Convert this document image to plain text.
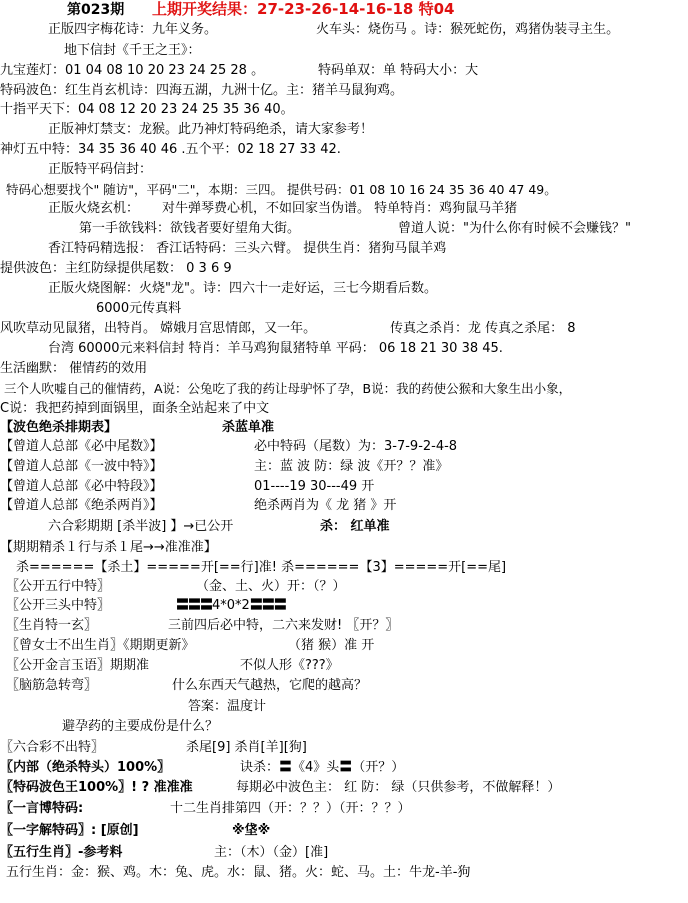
第023期 上期开奖结果：27-23-26-14-16-18 特04
正版四字梅花诗：九年义务。	火车头：烧伤马 。诗：猴死蛇伤，鸡猪伪装寻主生。
地下信封《千王之王》：
九宝莲灯：01 04 08 10 20 23 24 25 28 。	特码单双：单 特码大小：大
特码波色：红生肖玄机诗：四海五湖，九洲十亿。主：猪羊马鼠狗鸡。
十指平天下：04 08 12 20 23 24 25 35 36 40。
正版神灯禁支：龙猴。此乃神灯特码绝杀，请大家参考！
神灯五中特：34 35 36 40 46 .五个平：02 18 27 33 42.
正版特平码信封：
特码心想要找个" 随访"，平码"二"，本期：三四。 提供号码：01 08 10 16 24 35 36 40 47 49。
正版火烧玄机： 对牛弹琴费心机，不如回家当伪谱。 特单特肖：鸡狗鼠马羊猪
第一手欲钱料：欲钱者要好望角大街。	曾道人说："为什么你有时候不会赚钱？"
香江特码精选报： 香江话特码：三头六臂。 提供生肖：猪狗马鼠羊鸡
提供波色：主红防绿提供尾数： 0 3 6 9
正版火烧图解：火烧"龙"。诗：四六十一走好运，三七今期看后数。
6000元传真料
风吹草动见鼠猪，出特肖。 嫦娥月宫思情郎，又一年。	传真之杀肖：龙 传真之杀尾： 8
台湾 60000元来料信封 特肖：羊马鸡狗鼠猪特单 平码： 06 18 21 30 38 45.
生活幽默： 催情药的效用
三个人吹嘘自己的催情药，A说：公兔吃了我的药让母驴怀了孕，B说：我的药使公猴和大象生出小象，
C说：我把药掉到面锅里，面条全站起来了中文
【波色绝杀排期表】	杀蓝单准
【曾道人总部《必中尾数》】	必中特码（尾数）为：3-7-9-2-4-8
【曾道人总部《一波中特》】	主：蓝 波 防：绿 波《开？？准》
【曾道人总部《必中特段》】	01----19 30---49 开
【曾道人总部《绝杀两肖》】	绝杀两肖为《 龙 猪 》开
六合彩期期 [杀半波] 】→已公开	杀： 红单准
【期期精杀１行与杀１尾→→准准准】
杀======【杀土】=====开[==行]准! 杀======【3】=====开[==尾]
〖公开五行中特〗	（金、土、火）开：（？）
〖公开三头中特〗	〓〓〓4*0*2〓〓〓
〖生肖特一玄〗	三前四后必中特，二六来发财! 〖开？〗
〖曾女士不出生肖〗《期期更新》	（猪 猴）准 开
〖公开金言玉语〗期期准	不似人形《???》
〖脑筋急转弯〗	什么东西天气越热，它爬的越高？
答案：温度计
避孕药的主要成份是什么？
〖六合彩不出特〗	杀尾[9] 杀肖[羊][狗]
〖内部（绝杀特头）100%〗	诀杀：〓《4》头〓（开？）
〖特码波色王100%〗! ? 准准准	每期必中波色主： 红 防： 绿（只供参考，不做解释！）
〖一言博特码:	十二生肖排第四（开：？？）（开：？？）
〖一字解特码〗: [原创]	※垡※
〖五行生肖〗-参考料	主：（木）（金）[准]
五行生肖：金：猴、鸡。木：兔、虎。水：鼠、猪。火：蛇、马。土：牛龙-羊-狗
